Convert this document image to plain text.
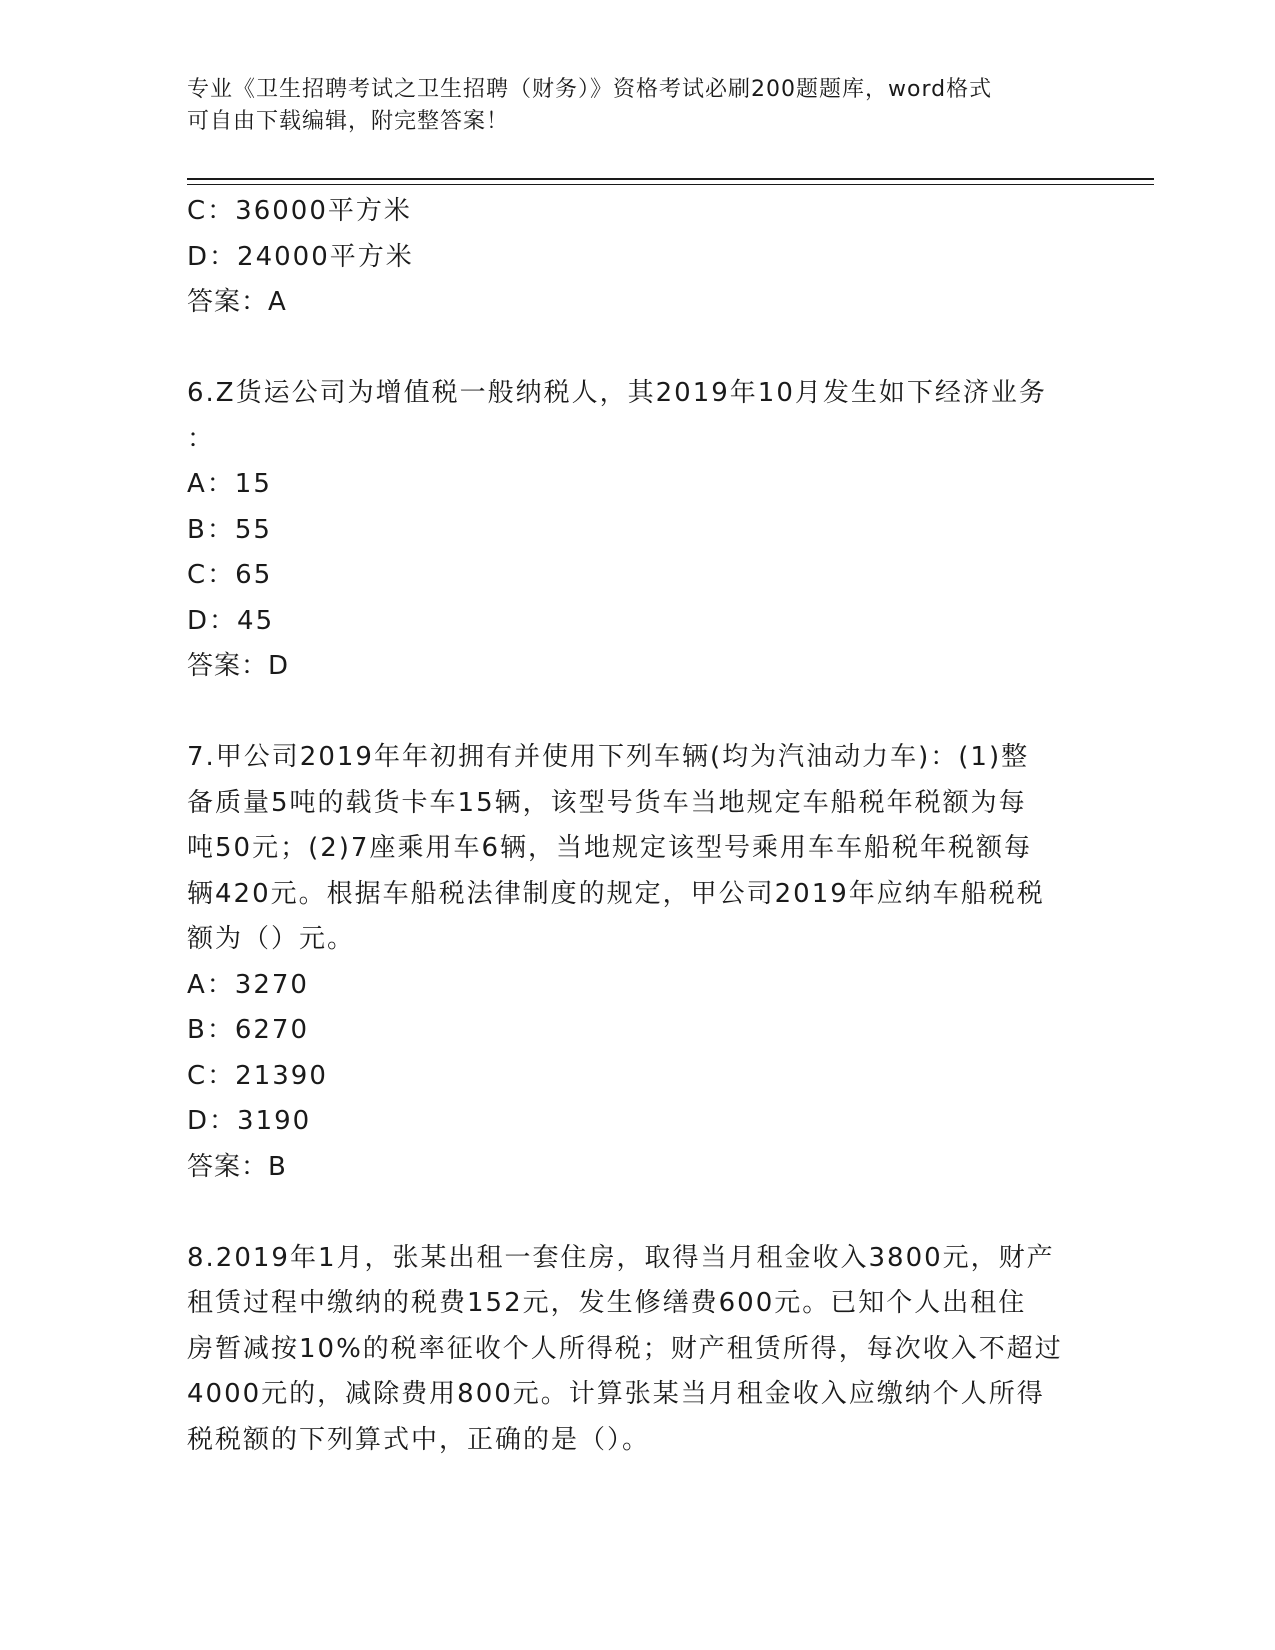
专业《卫生招聘考试之卫生招聘（财务）》资格考试必刷200题题库，word格式

可自由下载编辑，附完整答案！

C：36000平方米

D：24000平方米

答案：A

6.Z货运公司为增值税一般纳税人，其2019年10月发生如下经济业务

：

A：15

B：55

C：65

D：45

答案：D

7.甲公司2019年年初拥有并使用下列车辆(均为汽油动力车)：(1)整

备质量5吨的载货卡车15辆，该型号货车当地规定车船税年税额为每

吨50元；(2)7座乘用车6辆，当地规定该型号乘用车车船税年税额每

辆420元。根据车船税法律制度的规定，甲公司2019年应纳车船税税

额为（）元。

A：3270

B：6270

C：21390

D：3190

答案：B

8.2019年1月，张某出租一套住房，取得当月租金收入3800元，财产

租赁过程中缴纳的税费152元，发生修缮费600元。已知个人出租住

房暂减按10%的税率征收个人所得税；财产租赁所得，每次收入不超过

4000元的，减除费用800元。计算张某当月租金收入应缴纳个人所得

税税额的下列算式中，正确的是（）。
